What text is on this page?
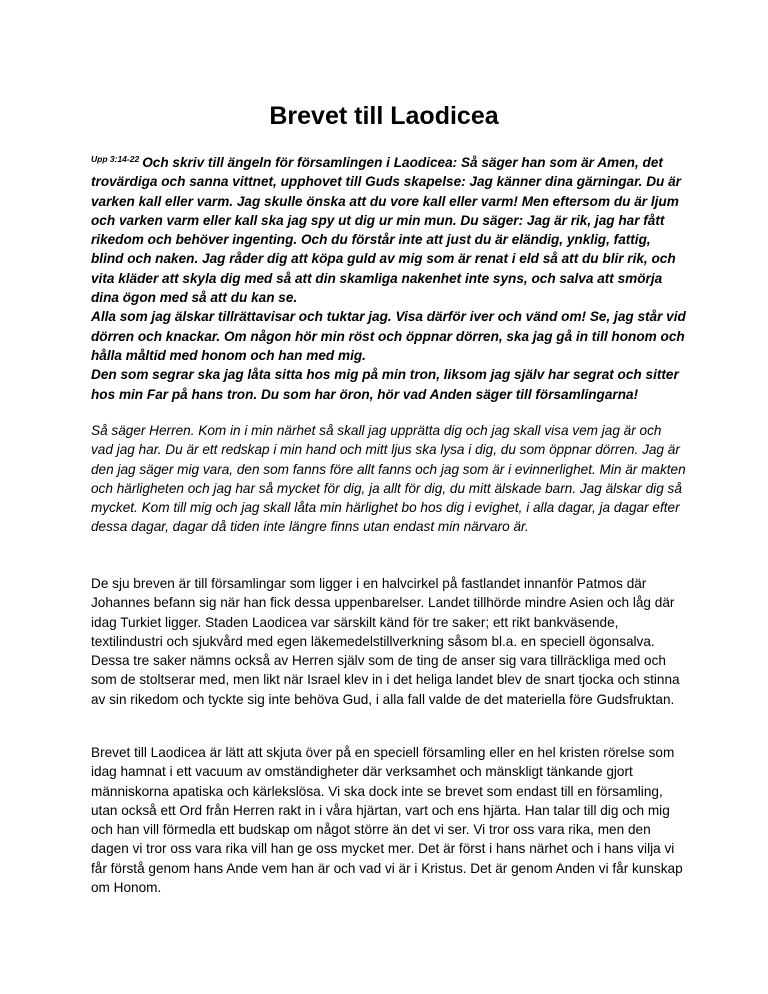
Brevet till Laodicea

$^{Upp 3:14-22}$ Och skriv till ängeln för församlingen i Laodicea: Så säger han som är Amen, det trovärdiga och sanna vittnet, upphovet till Guds skapelse: Jag känner dina gärningar. Du är varken kall eller varm. Jag skulle önska att du vore kall eller varm! Men eftersom du är ljum och varken varm eller kall ska jag spy ut dig ur min mun. Du säger: Jag är rik, jag har fått rikedom och behöver ingenting. Och du förstår inte att just du är eländig, ynklig, fattig, blind och naken. Jag råder dig att köpa guld av mig som är renat i eld så att du blir rik, och vita kläder att skyla dig med så att din skamliga nakenhet inte syns, och salva att smörja dina ögon med så att du kan se.

Alla som jag älskar tillrättavisar och tuktar jag. Visa därför iver och vänd om! Se, jag står vid dörren och knackar. Om någon hör min röst och öppnar dörren, ska jag gå in till honom och hålla måltid med honom och han med mig.

Den som segrar ska jag låta sitta hos mig på min tron, liksom jag själv har segrat och sitter hos min Far på hans tron. Du som har öron, hör vad Anden säger till församlingarna!

Så säger Herren. Kom in i min närhet så skall jag upprätta dig och jag skall visa vem jag är och vad jag har. Du är ett redskap i min hand och mitt ljus ska lysa i dig, du som öppnar dörren. Jag är den jag säger mig vara, den som fanns före allt fanns och jag som är i evinnerlighet. Min är makten och härligheten och jag har så mycket för dig, ja allt för dig, du mitt älskade barn. Jag älskar dig så mycket. Kom till mig och jag skall låta min härlighet bo hos dig i evighet, i alla dagar, ja dagar efter dessa dagar, dagar då tiden inte längre finns utan endast min närvaro är.

De sju breven är till församlingar som ligger i en halvcirkel på fastlandet innanför Patmos där Johannes befann sig när han fick dessa uppenbarelser. Landet tillhörde mindre Asien och låg där idag Turkiet ligger. Staden Laodicea var särskilt känd för tre saker; ett rikt bankväsende, textilindustri och sjukvård med egen läkemedelstillverkning såsom bl.a. en speciell ögonsalva. Dessa tre saker nämns också av Herren själv som de ting de anser sig vara tillräckliga med och som de stoltserar med, men likt när Israel klev in i det heliga landet blev de snart tjocka och stinna av sin rikedom och tyckte sig inte behöva Gud, i alla fall valde de det materiella före Gudsfruktan.

Brevet till Laodicea är lätt att skjuta över på en speciell församling eller en hel kristen rörelse som idag hamnat i ett vacuum av omständigheter där verksamhet och mänskligt tänkande gjort människorna apatiska och kärlekslösa. Vi ska dock inte se brevet som endast till en församling, utan också ett Ord från Herren rakt in i våra hjärtan, vart och ens hjärta. Han talar till dig och mig och han vill förmedla ett budskap om något större än det vi ser. Vi tror oss vara rika, men den dagen vi tror oss vara rika vill han ge oss mycket mer. Det är först i hans närhet och i hans vilja vi får förstå genom hans Ande vem han är och vad vi är i Kristus. Det är genom Anden vi får kunskap om Honom.
